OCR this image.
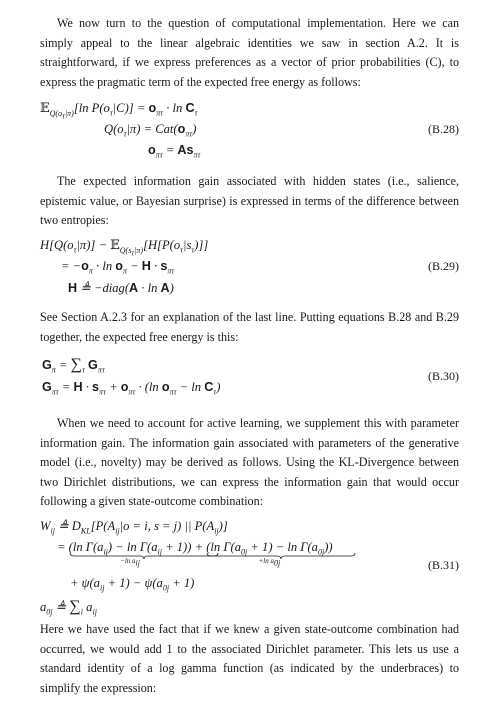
We now turn to the question of computational implementation. Here we can simply appeal to the linear algebraic identities we saw in section A.2. It is straightforward, if we express preferences as a vector of prior probabilities (C), to express the pragmatic term of the expected free energy as follows:

𝔼$_{Q(o_\tau|\pi)}$[ln $P(o_\tau|C)] = o_{\pi\tau} \cdot \ln C_\tau$
$Q(o_\tau|\pi) = Cat(o_{\pi\tau})$
$o_{\pi\tau} = As_{\pi\tau}$
(B.28)

The expected information gain associated with hidden states (i.e., salience, epistemic value, or Bayesian surprise) is expressed in terms of the difference between two entropies:

$H[Q(o_\tau|\pi)]$ − $𝔼_{Q(s_\tau|\pi)}[H[P(o_\tau|s_\tau)]]$
= $-o_\pi \cdot \ln o_\pi - H \cdot s_{\pi\tau}$
H ≜ −diag(A · ln A)
(B.29)

See Section A.2.3 for an explanation of the last line. Putting equations B.28 and B.29 together, the expected free energy is this:

$G_\pi = \sum_\tau$ $G_{\pi\tau}$
$G_{\pi\tau} = H \cdot s_{\pi\tau} + o_{\pi\tau} \cdot (\ln$ $o_{\pi\tau} - \ln C_\tau$)
(B.30)

When we need to account for active learning, we supplement this with parameter information gain. The information gain associated with parameters of the generative model (i.e., novelty) may be derived as follows. Using the KL-Divergence between two Dirichlet distributions, we can express the information gain that would occur following a given state-outcome combination:

$W_{ij}$ ≜ $D_{KL}[P(A_{ij}|o = i$, s = j) || $P(A_{ij})$]
= (ln $\Gamma(a_{ij}) - \ln \Gamma(a_{ij} + 1)$)
−ln $a_{ij}$
+ (ln $\Gamma(a_{0j} + 1) - \ln \Gamma(a_{0j})$)
+ln $a_{0j}$
+ $\psi(a_{ij} + 1) - \psi(a_{0j} + 1)$
$a_{0j}$ ≜ $\sum_i$ $a_{ij}$
(B.31)

Here we have used the fact that if we knew a given state-outcome combination had occurred, we would add 1 to the associated Dirichlet parameter. This lets us use a standard identity of a log gamma function (as indicated by the underbraces) to simplify the expression:
